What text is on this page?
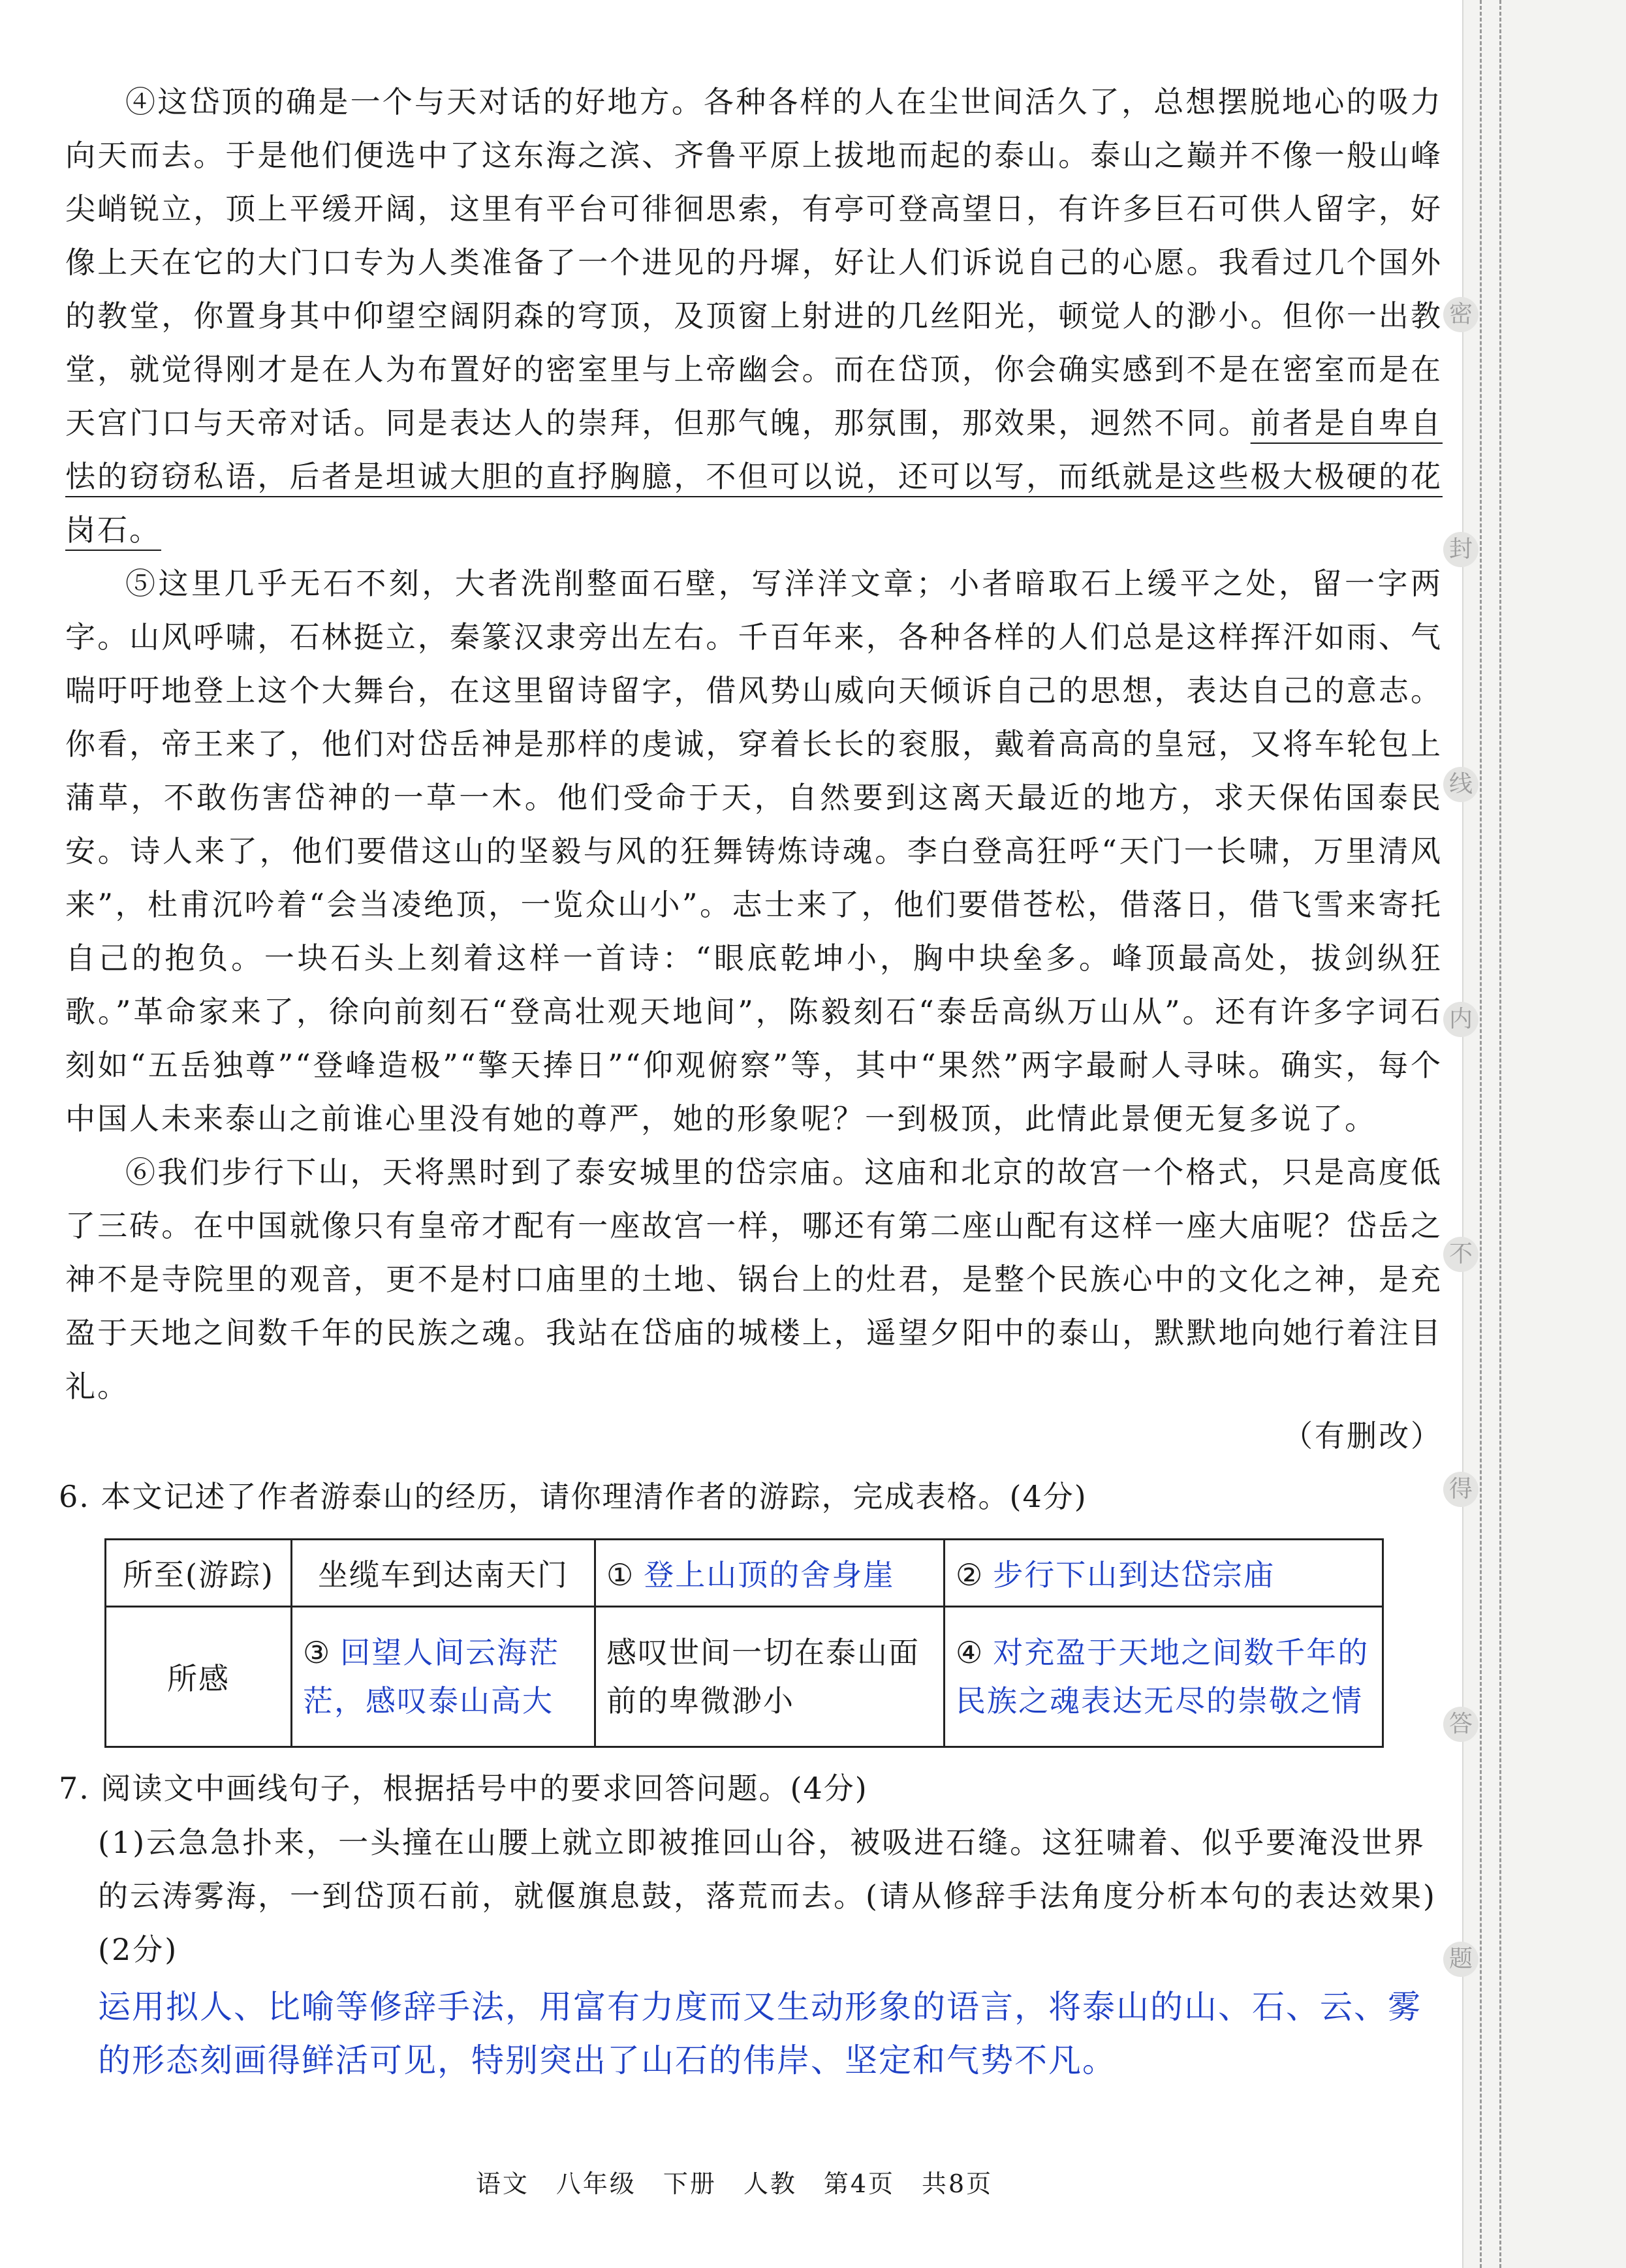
密
封
线
内
不
得
答
题

④这岱顶的确是一个与天对话的好地方。各种各样的人在尘世间活久了，总想摆脱地心的吸力向天而去。于是他们便选中了这东海之滨、齐鲁平原上拔地而起的泰山。泰山之巅并不像一般山峰尖峭锐立，顶上平缓开阔，这里有平台可徘徊思索，有亭可登高望日，有许多巨石可供人留字，好像上天在它的大门口专为人类准备了一个进见的丹墀，好让人们诉说自己的心愿。我看过几个国外的教堂，你置身其中仰望空阔阴森的穹顶，及顶窗上射进的几丝阳光，顿觉人的渺小。但你一出教堂，就觉得刚才是在人为布置好的密室里与上帝幽会。而在岱顶，你会确实感到不是在密室而是在天宫门口与天帝对话。同是表达人的崇拜，但那气魄，那氛围，那效果，迥然不同。前者是自卑自怯的窃窃私语，后者是坦诚大胆的直抒胸臆，不但可以说，还可以写，而纸就是这些极大极硬的花岗石。

⑤这里几乎无石不刻，大者洗削整面石壁，写洋洋文章；小者暗取石上缓平之处，留一字两字。山风呼啸，石林挺立，秦篆汉隶旁出左右。千百年来，各种各样的人们总是这样挥汗如雨、气喘吁吁地登上这个大舞台，在这里留诗留字，借风势山威向天倾诉自己的思想，表达自己的意志。你看，帝王来了，他们对岱岳神是那样的虔诚，穿着长长的衮服，戴着高高的皇冠，又将车轮包上蒲草，不敢伤害岱神的一草一木。他们受命于天，自然要到这离天最近的地方，求天保佑国泰民安。诗人来了，他们要借这山的坚毅与风的狂舞铸炼诗魂。李白登高狂呼“天门一长啸，万里清风来”，杜甫沉吟着“会当凌绝顶，一览众山小”。志士来了，他们要借苍松，借落日，借飞雪来寄托自己的抱负。一块石头上刻着这样一首诗：“眼底乾坤小，胸中块垒多。峰顶最高处，拔剑纵狂歌。”革命家来了，徐向前刻石“登高壮观天地间”，陈毅刻石“泰岳高纵万山从”。还有许多字词石刻如“五岳独尊”“登峰造极”“擎天捧日”“仰观俯察”等，其中“果然”两字最耐人寻味。确实，每个中国人未来泰山之前谁心里没有她的尊严，她的形象呢？一到极顶，此情此景便无复多说了。

⑥我们步行下山，天将黑时到了泰安城里的岱宗庙。这庙和北京的故宫一个格式，只是高度低了三砖。在中国就像只有皇帝才配有一座故宫一样，哪还有第二座山配有这样一座大庙呢？岱岳之神不是寺院里的观音，更不是村口庙里的土地、锅台上的灶君，是整个民族心中的文化之神，是充盈于天地之间数千年的民族之魂。我站在岱庙的城楼上，遥望夕阳中的泰山，默默地向她行着注目礼。

（有删改）
6. 本文记述了作者游泰山的经历，请你理清作者的游踪，完成表格。(4分)
所至(游踪)	坐缆车到达南天门	① 登上山顶的舍身崖	② 步行下山到达岱宗庙
所感	③ 回望人间云海茫茫，感叹泰山高大	感叹世间一切在泰山面前的卑微渺小	④ 对充盈于天地之间数千年的民族之魂表达无尽的崇敬之情
7. 阅读文中画线句子，根据括号中的要求回答问题。(4分)
(1)云急急扑来，一头撞在山腰上就立即被推回山谷，被吸进石缝。这狂啸着、似乎要淹没世界的云涛雾海，一到岱顶石前，就偃旗息鼓，落荒而去。(请从修辞手法角度分析本句的表达效果)(2分)
运用拟人、比喻等修辞手法，用富有力度而又生动形象的语言，将泰山的山、石、云、雾的形态刻画得鲜活可见，特别突出了山石的伟岸、坚定和气势不凡。
语文　八年级　下册　人教　第4页　共8页
